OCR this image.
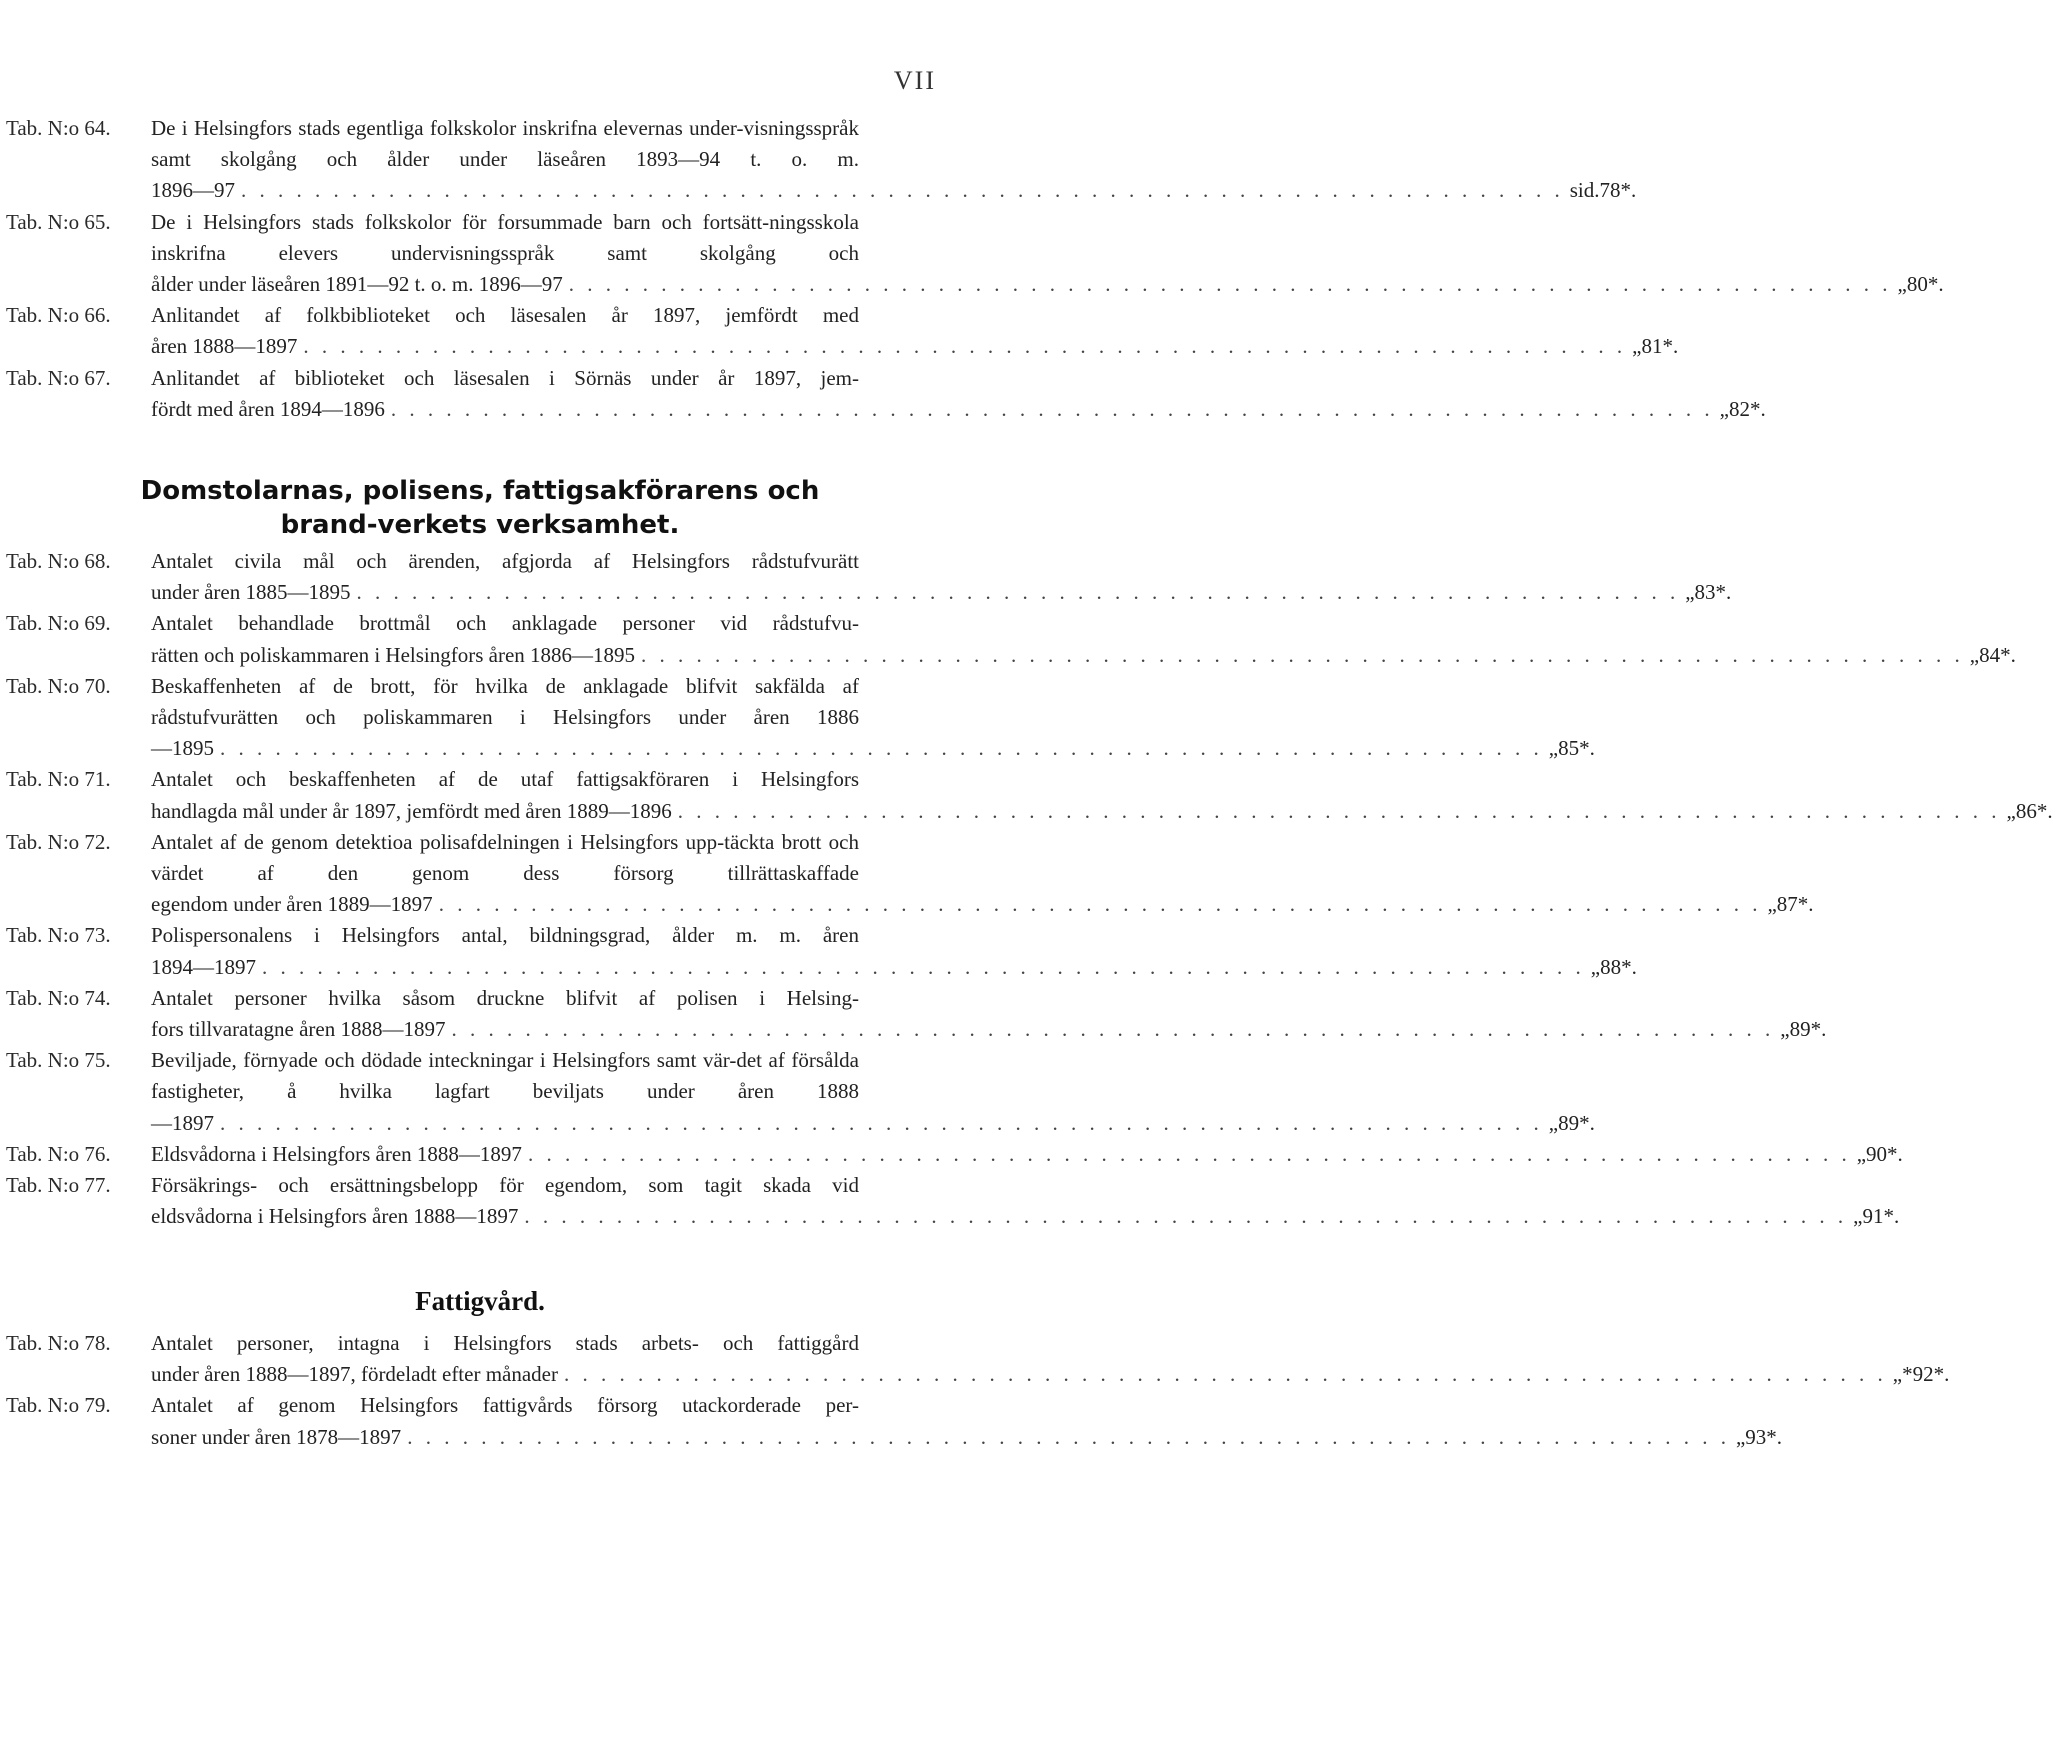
VII
Tab. N:o 64. De i Helsingfors stads egentliga folkskolor inskrifna elevernas under-visningsspråk samt skolgång och ålder under läseåren 1893—94 t. o. m.
1896—97 . . . . . . . . . . . . . . . . . . . . . . . . . . . . . . . . . . . . . . . . . . . . . . . . . . . . . . . . . . . . . . . . . . . . . . . . sid. 78*.
Tab. N:o 65. De i Helsingfors stads folkskolor för forsummade barn och fortsätt-ningsskola inskrifna elevers undervisningsspråk samt skolgång och
ålder under läseåren 1891—92 t. o. m. 1896—97 . . . . . . . . . . . . . . . . . . . . . . . . . . . . . . . . . . . . . . . . . . . . . . . . . . . . . . . . . . . . . . . . . . . . . . . . „ 80*.
Tab. N:o 66. Anlitandet af folkbiblioteket och läsesalen år 1897, jemfördt med
åren 1888—1897 . . . . . . . . . . . . . . . . . . . . . . . . . . . . . . . . . . . . . . . . . . . . . . . . . . . . . . . . . . . . . . . . . . . . . . . . „ 81*.
Tab. N:o 67. Anlitandet af biblioteket och läsesalen i Sörnäs under år 1897, jem-
fördt med åren 1894—1896 . . . . . . . . . . . . . . . . . . . . . . . . . . . . . . . . . . . . . . . . . . . . . . . . . . . . . . . . . . . . . . . . . . . . . . . . „ 82*.
Domstolarnas, polisens, fattigsakförarens och brand-verkets verksamhet.
Tab. N:o 68. Antalet civila mål och ärenden, afgjorda af Helsingfors rådstufvurätt
under åren 1885—1895 . . . . . . . . . . . . . . . . . . . . . . . . . . . . . . . . . . . . . . . . . . . . . . . . . . . . . . . . . . . . . . . . . . . . . . . . „ 83*.
Tab. N:o 69. Antalet behandlade brottmål och anklagade personer vid rådstufvu-
rätten och poliskammaren i Helsingfors åren 1886—1895 . . . . . . . . . . . . . . . . . . . . . . . . . . . . . . . . . . . . . . . . . . . . . . . . . . . . . . . . . . . . . . . . . . . . . . . . „ 84*.
Tab. N:o 70. Beskaffenheten af de brott, för hvilka de anklagade blifvit sakfälda af rådstufvurätten och poliskammaren i Helsingfors under åren 1886
—1895 . . . . . . . . . . . . . . . . . . . . . . . . . . . . . . . . . . . . . . . . . . . . . . . . . . . . . . . . . . . . . . . . . . . . . . . . „ 85*.
Tab. N:o 71. Antalet och beskaffenheten af de utaf fattigsakföraren i Helsingfors
handlagda mål under år 1897, jemfördt med åren 1889—1896 . . . . . . . . . . . . . . . . . . . . . . . . . . . . . . . . . . . . . . . . . . . . . . . . . . . . . . . . . . . . . . . . . . . . . . . . „ 86*.
Tab. N:o 72. Antalet af de genom detektioa polisafdelningen i Helsingfors upp-täckta brott och värdet af den genom dess försorg tillrättaskaffade
egendom under åren 1889—1897 . . . . . . . . . . . . . . . . . . . . . . . . . . . . . . . . . . . . . . . . . . . . . . . . . . . . . . . . . . . . . . . . . . . . . . . . „ 87*.
Tab. N:o 73. Polispersonalens i Helsingfors antal, bildningsgrad, ålder m. m. åren
1894—1897 . . . . . . . . . . . . . . . . . . . . . . . . . . . . . . . . . . . . . . . . . . . . . . . . . . . . . . . . . . . . . . . . . . . . . . . . „ 88*.
Tab. N:o 74. Antalet personer hvilka såsom druckne blifvit af polisen i Helsing-
fors tillvaratagne åren 1888—1897 . . . . . . . . . . . . . . . . . . . . . . . . . . . . . . . . . . . . . . . . . . . . . . . . . . . . . . . . . . . . . . . . . . . . . . . . „ 89*.
Tab. N:o 75. Beviljade, förnyade och dödade inteckningar i Helsingfors samt vär-det af försålda fastigheter, å hvilka lagfart beviljats under åren 1888
—1897 . . . . . . . . . . . . . . . . . . . . . . . . . . . . . . . . . . . . . . . . . . . . . . . . . . . . . . . . . . . . . . . . . . . . . . . . „ 89*.
Tab. N:o 76. Eldsvådorna i Helsingfors åren 1888—1897 . . . . . . . . . . . . . . . . . . . . . . . . . . . . . . . . . . . . . . . . . . . . . . . . . . . . . . . . . . . . . . . . . . . . . . . . „ 90*.
Tab. N:o 77. Försäkrings- och ersättningsbelopp för egendom, som tagit skada vid
eldsvådorna i Helsingfors åren 1888—1897 . . . . . . . . . . . . . . . . . . . . . . . . . . . . . . . . . . . . . . . . . . . . . . . . . . . . . . . . . . . . . . . . . . . . . . . . „ 91*.
Fattigvård.
Tab. N:o 78. Antalet personer, intagna i Helsingfors stads arbets- och fattiggård
under åren 1888—1897, fördeladt efter månader . . . . . . . . . . . . . . . . . . . . . . . . . . . . . . . . . . . . . . . . . . . . . . . . . . . . . . . . . . . . . . . . . . . . . . . . „ *92*.
Tab. N:o 79. Antalet af genom Helsingfors fattigvårds försorg utackorderade per-
soner under åren 1878—1897 . . . . . . . . . . . . . . . . . . . . . . . . . . . . . . . . . . . . . . . . . . . . . . . . . . . . . . . . . . . . . . . . . . . . . . . . „ 93*.
